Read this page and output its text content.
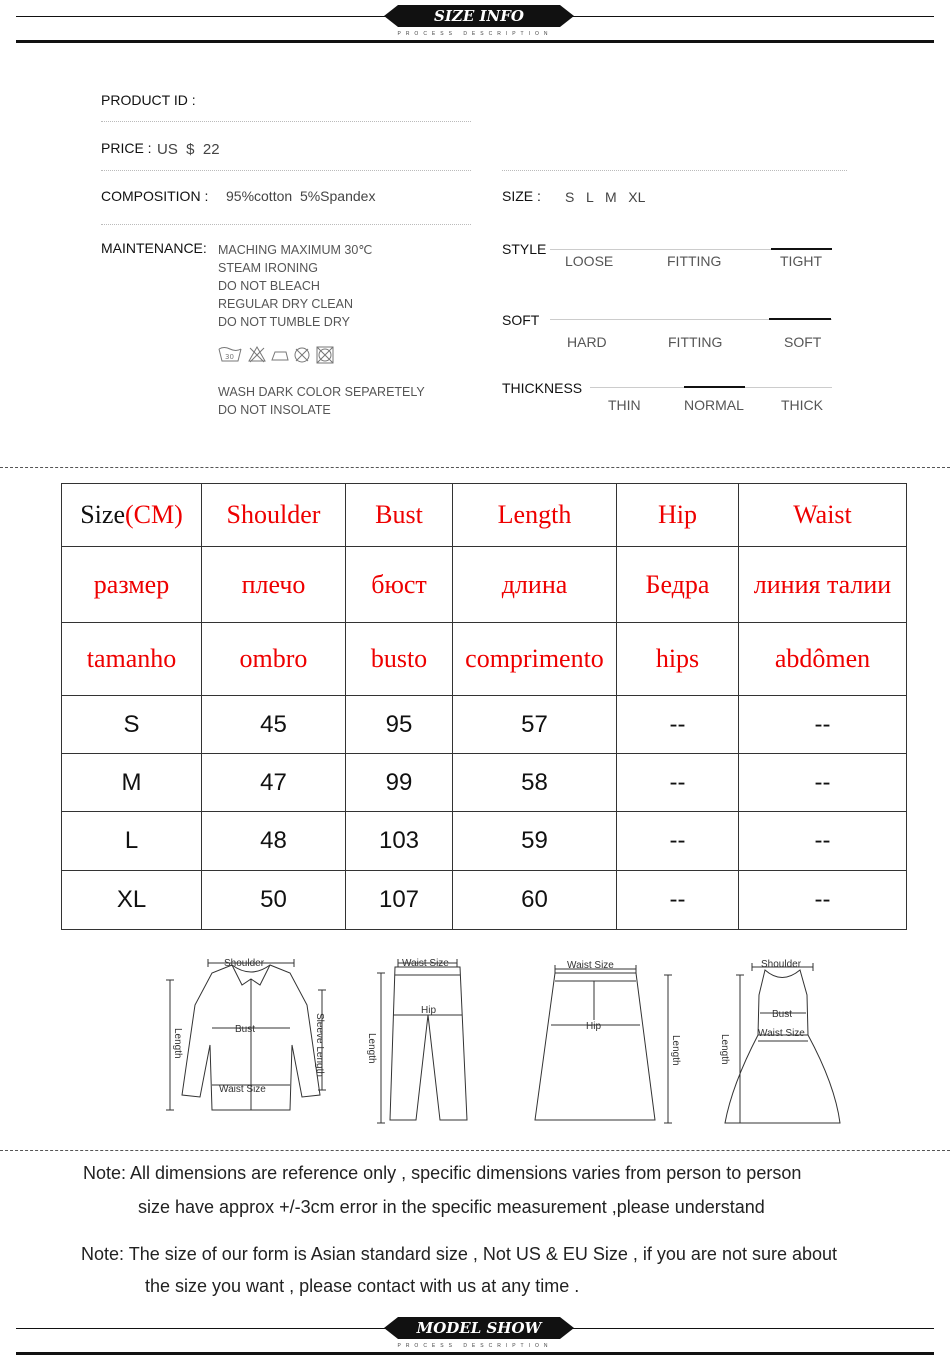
SIZE INFO
PROCESS DESCRIPTION
PRODUCT ID :
PRICE : US  $  22
COMPOSITION : 95%cotton  5%Spandex
MAINTENANCE: MACHING MAXIMUM 30℃
STEAM IRONING
DO NOT BLEACH
REGULAR DRY CLEAN
DO NOT TUMBLE DRY
30
WASH DARK COLOR SEPARETELY
DO NOT INSOLATE
SIZE : S   L   M   XL
STYLE
LOOSE	FITTING	TIGHT
SOFT
HARD	FITTING	SOFT
THICKNESS
THIN	NORMAL	THICK
Size(CM)	Shoulder	Bust	Length	Hip	Waist
размер	плечо	бюст	длина	Бедра	линия талии
tamanho	ombro	busto	comprimento	hips	abdômen
S	45	95	57	--	--
M	47	99	58	--	--
L	48	103	59	--	--
XL	50	107	60	--	--
Shoulder
Bust
Waist Size
Length	Sleeve Length
Waist Size
Hip
Length
Waist Size
Hip
Length
Shoulder
Bust
Waist Size
Length
Note: All dimensions are reference only , specific dimensions varies from person to person
size have approx +/-3cm error in the specific measurement ,please understand
Note: The size of our form is Asian standard size , Not US & EU Size , if you are not sure about
the size you want , please contact with us at any time .
MODEL SHOW
PROCESS DESCRIPTION
